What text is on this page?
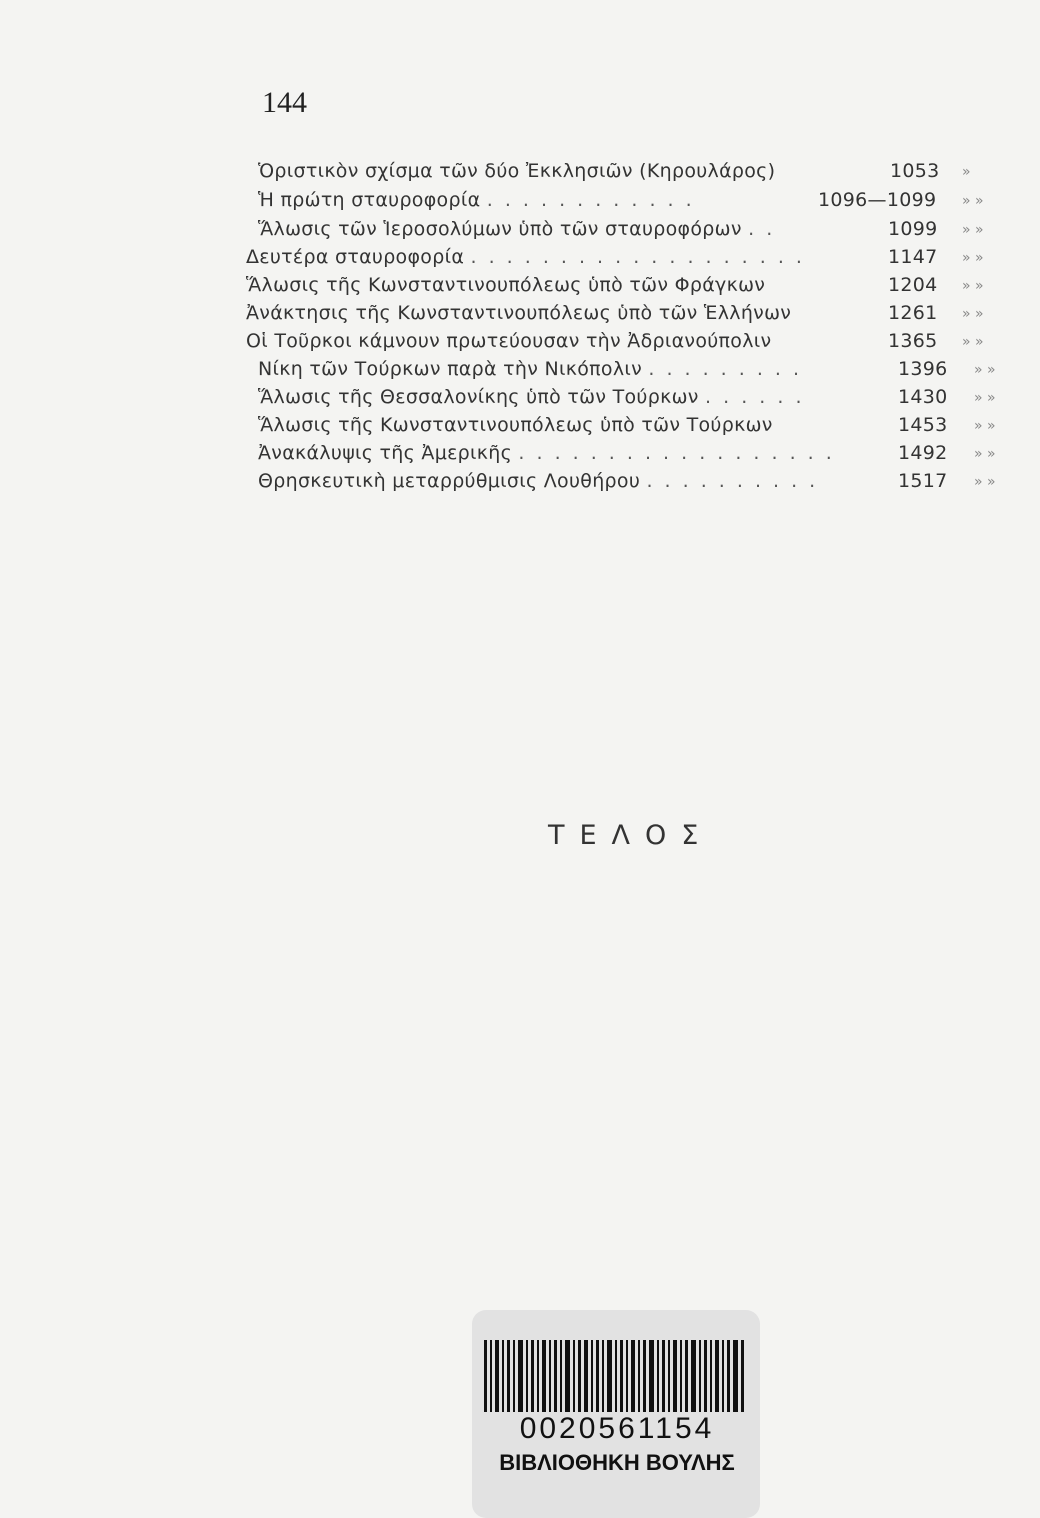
144
Ὁριστικὸν σχίσμα τῶν δύο Ἐκκλησιῶν (Κηρουλάρος)	1053 »
Ἡ πρώτη σταυροφορία . . . . . . . . . . . .	1096—1099 » »
Ἅλωσις τῶν Ἱεροσολύμων ὑπὸ τῶν σταυροφόρων . .	1099 » »
Δευτέρα σταυροφορία . . . . . . . . . . . . . . . . . . .	1147 » »
Ἅλωσις τῆς Κωνσταντινουπόλεως ὑπὸ τῶν Φράγκων	1204 » »
Ἀνάκτησις τῆς Κωνσταντινουπόλεως ὑπὸ τῶν Ἑλλήνων	1261 » »
Οἱ Τοῦρκοι κάμνουν πρωτεύουσαν τὴν Ἀδριανούπολιν	1365 » »
Νίκη τῶν Τούρκων παρὰ τὴν Νικόπολιν . . . . . . . . .	1396 » »
Ἅλωσις τῆς Θεσσαλονίκης ὑπὸ τῶν Τούρκων . . . . . .	1430 » »
Ἅλωσις τῆς Κωνσταντινουπόλεως ὑπὸ τῶν Τούρκων	1453 » »
Ἀνακάλυψις τῆς Ἀμερικῆς . . . . . . . . . . . . . . . . . .	1492 » »
Θρησκευτικὴ μεταρρύθμισις Λουθήρου . . . . . . . . . .	1517 » »
ΤΕΛΟΣ
0020561154
ΒΙΒΛΙΟΘΗΚΗ ΒΟΥΛΗΣ
